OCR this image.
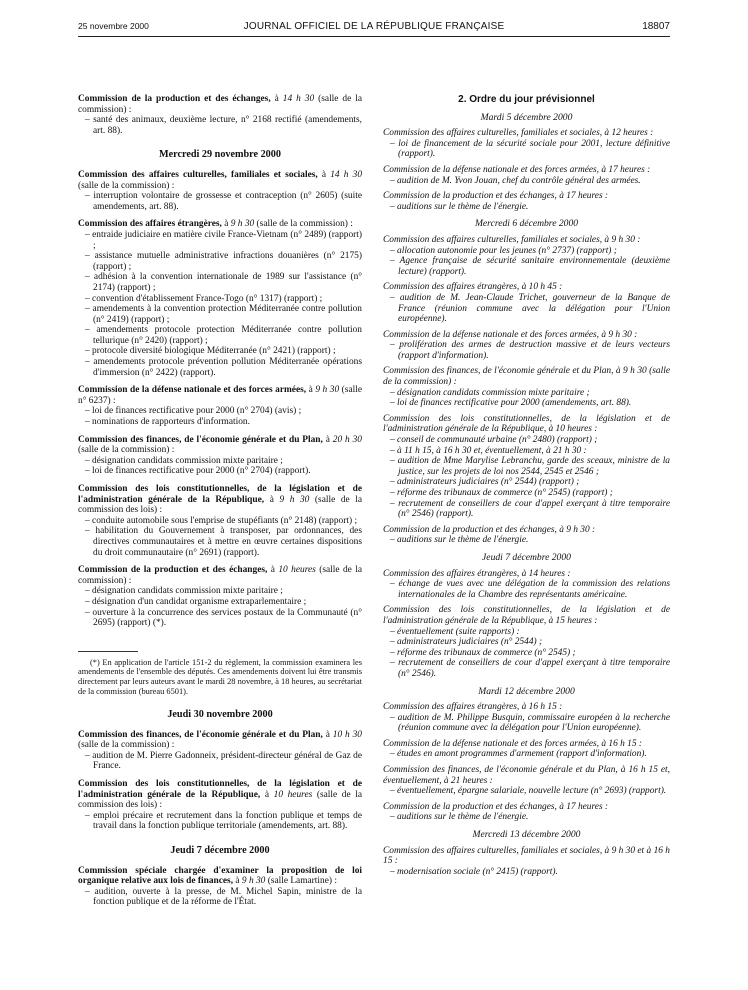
25 novembre 2000	JOURNAL OFFICIEL DE LA RÉPUBLIQUE FRANÇAISE	18807
Commission de la production et des échanges, à 14 h 30 (salle de la commission) :
– santé des animaux, deuxième lecture, n° 2168 rectifié (amendements, art. 88).
Mercredi 29 novembre 2000
Commission des affaires culturelles, familiales et sociales, à 14 h 30 (salle de la commission) :
– interruption volontaire de grossesse et contraception (n° 2605) (suite amendements, art. 88).
Commission des affaires étrangères, à 9 h 30 (salle de la commission) :
– entraide judiciaire en matière civile France-Vietnam (n° 2489) (rapport) ;
– assistance mutuelle administrative infractions douanières (n° 2175) (rapport) ;
– adhésion à la convention internationale de 1989 sur l'assistance (n° 2174) (rapport) ;
– convention d'établissement France-Togo (n° 1317) (rapport) ;
– amendements à la convention protection Méditerranée contre pollution (n° 2419) (rapport) ;
– amendements protocole protection Méditerranée contre pollution tellurique (n° 2420) (rapport) ;
– protocole diversité biologique Méditerranée (n° 2421) (rapport) ;
– amendements protocole prévention pollution Méditerranée opérations d'immersion (n° 2422) (rapport).
Commission de la défense nationale et des forces armées, à 9 h 30 (salle n° 6237) :
– loi de finances rectificative pour 2000 (n° 2704) (avis) ;
– nominations de rapporteurs d'information.
Commission des finances, de l'économie générale et du Plan, à 20 h 30 (salle de la commission) :
– désignation candidats commission mixte paritaire ;
– loi de finances rectificative pour 2000 (n° 2704) (rapport).
Commission des lois constitutionnelles, de la législation et de l'administration générale de la République, à 9 h 30 (salle de la commission des lois) :
– conduite automobile sous l'emprise de stupéfiants (n° 2148) (rapport) ;
– habilitation du Gouvernement à transposer, par ordonnances, des directives communautaires et à mettre en œuvre certaines dispositions du droit communautaire (n° 2691) (rapport).
Commission de la production et des échanges, à 10 heures (salle de la commission) :
– désignation candidats commission mixte paritaire ;
– désignation d'un candidat organisme extraparlementaire ;
– ouverture à la concurrence des services postaux de la Communauté (n° 2695) (rapport) (*).

(*) En application de l'article 151-2 du règlement, la commission examinera les amendements de l'ensemble des députés. Ces amendements doivent lui être transmis directement par leurs auteurs avant le mardi 28 novembre, à 18 heures, au secrétariat de la commission (bureau 6501).

Jeudi 30 novembre 2000
Commission des finances, de l'économie générale et du Plan, à 10 h 30 (salle de la commission) :
– audition de M. Pierre Gadonneix, président-directeur général de Gaz de France.
Commission des lois constitutionnelles, de la législation et de l'administration générale de la République, à 10 heures (salle de la commission des lois) :
– emploi précaire et recrutement dans la fonction publique et temps de travail dans la fonction publique territoriale (amendements, art. 88).
Jeudi 7 décembre 2000
Commission spéciale chargée d'examiner la proposition de loi organique relative aux lois de finances, à 9 h 30 (salle Lamartine) :
– audition, ouverte à la presse, de M. Michel Sapin, ministre de la fonction publique et de la réforme de l'État.
2. Ordre du jour prévisionnel
Mardi 5 décembre 2000
Commission des affaires culturelles, familiales et sociales, à 12 heures :
– loi de financement de la sécurité sociale pour 2001, lecture définitive (rapport).
Commission de la défense nationale et des forces armées, à 17 heures :
– audition de M. Yvon Jouan, chef du contrôle général des armées.
Commission de la production et des échanges, à 17 heures :
– auditions sur le thème de l'énergie.
Mercredi 6 décembre 2000
Commission des affaires culturelles, familiales et sociales, à 9 h 30 :
– allocation autonomie pour les jeunes (n° 2737) (rapport) ;
– Agence française de sécurité sanitaire environnementale (deuxième lecture) (rapport).
Commission des affaires étrangères, à 10 h 45 :
– audition de M. Jean-Claude Trichet, gouverneur de la Banque de France (réunion commune avec la délégation pour l'Union européenne).
Commission de la défense nationale et des forces armées, à 9 h 30 :
– prolifération des armes de destruction massive et de leurs vecteurs (rapport d'information).
Commission des finances, de l'économie générale et du Plan, à 9 h 30 (salle de la commission) :
– désignation candidats commission mixte paritaire ;
– loi de finances rectificative pour 2000 (amendements, art. 88).
Commission des lois constitutionnelles, de la législation et de l'administration générale de la République, à 10 heures :
– conseil de communauté urbaine (n° 2480) (rapport) ;
– à 11 h 15, à 16 h 30 et, éventuellement, à 21 h 30 :
– audition de Mme Marylise Lebranchu, garde des sceaux, ministre de la justice, sur les projets de loi nos 2544, 2545 et 2546 ;
– administrateurs judiciaires (n° 2544) (rapport) ;
– réforme des tribunaux de commerce (n° 2545) (rapport) ;
– recrutement de conseillers de cour d'appel exerçant à titre temporaire (n° 2546) (rapport).
Commission de la production et des échanges, à 9 h 30 :
– auditions sur le thème de l'énergie.
Jeudi 7 décembre 2000
Commission des affaires étrangères, à 14 heures :
– échange de vues avec une délégation de la commission des relations internationales de la Chambre des représentants américaine.
Commission des lois constitutionnelles, de la législation et de l'administration générale de la République, à 15 heures :
– éventuellement (suite rapports) :
– administrateurs judiciaires (n° 2544) ;
– réforme des tribunaux de commerce (n° 2545) ;
– recrutement de conseillers de cour d'appel exerçant à titre temporaire (n° 2546).
Mardi 12 décembre 2000
Commission des affaires étrangères, à 16 h 15 :
– audition de M. Philippe Busquin, commissaire européen à la recherche (réunion commune avec la délégation pour l'Union européenne).
Commission de la défense nationale et des forces armées, à 16 h 15 :
– études en amont programmes d'armement (rapport d'information).
Commission des finances, de l'économie générale et du Plan, à 16 h 15 et, éventuellement, à 21 heures :
– éventuellement, épargne salariale, nouvelle lecture (n° 2693) (rapport).
Commission de la production et des échanges, à 17 heures :
– auditions sur le thème de l'énergie.
Mercredi 13 décembre 2000
Commission des affaires culturelles, familiales et sociales, à 9 h 30 et à 16 h 15 :
– modernisation sociale (n° 2415) (rapport).
